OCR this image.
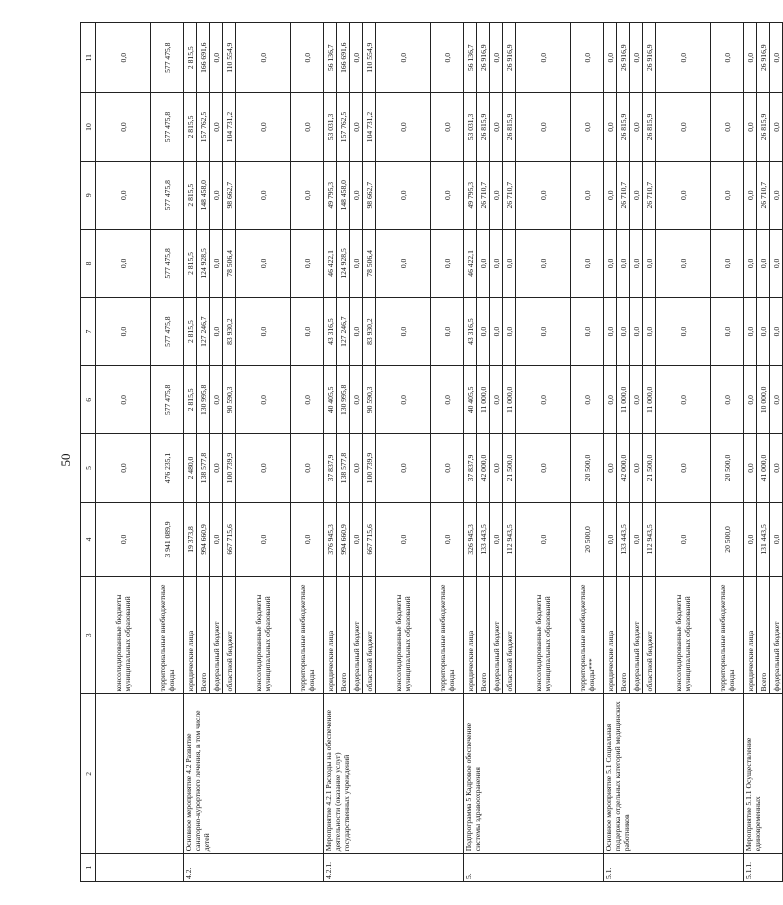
50
1	2	3	4	5	6	7	8	9	10	11
		консолидированные бюджеты муниципальных образований	0,0	0,0	0,0	0,0	0,0	0,0	0,0	0,0
		территориальные внебюджетные фонды	3 941 089,9	476 235,1	577 475,8	577 475,8	577 475,8	577 475,8	577 475,8	577 475,8
4.2.	Основное мероприятие 4.2 Развитие санаторно-курортного лечения, в том числе детей	юридические лица	19 373,8	2 480,0	2 815,5	2 815,5	2 815,5	2 815,5	2 815,5	2 815,5
		Всего	994 660,9	138 577,8	130 995,8	127 246,7	124 928,5	148 458,0	157 762,5	166 691,6
		федеральный бюджет	0,0	0,0	0,0	0,0	0,0	0,0	0,0	0,0
		областной бюджет	667 715,6	100 739,9	90 590,3	83 930,2	78 506,4	98 662,7	104 731,2	110 554,9
		консолидированные бюджеты муниципальных образований	0,0	0,0	0,0	0,0	0,0	0,0	0,0	0,0
		территориальные внебюджетные фонды	0,0	0,0	0,0	0,0	0,0	0,0	0,0	0,0
4.2.1.	Мероприятие 4.2.1 Расходы на обеспечение деятельности (оказание услуг) государственных учреждений	юридические лица	376 945,3	37 837,9	40 405,5	43 316,5	46 422,1	49 795,3	53 031,3	56 136,7
		Всего	994 660,9	138 577,8	130 995,8	127 246,7	124 928,5	148 458,0	157 762,5	166 691,6
		федеральный бюджет	0,0	0,0	0,0	0,0	0,0	0,0	0,0	0,0
		областной бюджет	667 715,6	100 739,9	90 590,3	83 930,2	78 506,4	98 662,7	104 731,2	110 554,9
		консолидированные бюджеты муниципальных образований	0,0	0,0	0,0	0,0	0,0	0,0	0,0	0,0
		территориальные внебюджетные фонды	0,0	0,0	0,0	0,0	0,0	0,0	0,0	0,0
5.	Подпрограмма 5 Кадровое обеспечение системы здравоохранения	юридические лица	326 945,3	37 837,9	40 405,5	43 316,5	46 422,1	49 795,3	53 031,3	56 136,7
		Всего	133 443,5	42 000,0	11 000,0	0,0	0,0	26 710,7	26 815,9	26 916,9
		федеральный бюджет	0,0	0,0	0,0	0,0	0,0	0,0	0,0	0,0
		областной бюджет	112 943,5	21 500,0	11 000,0	0,0	0,0	26 710,7	26 815,9	26 916,9
		консолидированные бюджеты муниципальных образований	0,0	0,0	0,0	0,0	0,0	0,0	0,0	0,0
		территориальные внебюджетные фонды***	20 500,0	20 500,0	0,0	0,0	0,0	0,0	0,0	0,0
5.1.	Основное мероприятие 5.1 Социальная поддержка отдельных категорий медицинских работников	юридические лица	0,0	0,0	0,0	0,0	0,0	0,0	0,0	0,0
		Всего	133 443,5	42 000,0	11 000,0	0,0	0,0	26 710,7	26 815,9	26 916,9
		федеральный бюджет	0,0	0,0	0,0	0,0	0,0	0,0	0,0	0,0
		областной бюджет	112 943,5	21 500,0	11 000,0	0,0	0,0	26 710,7	26 815,9	26 916,9
		консолидированные бюджеты муниципальных образований	0,0	0,0	0,0	0,0	0,0	0,0	0,0	0,0
		территориальные внебюджетные фонды	20 500,0	20 500,0	0,0	0,0	0,0	0,0	0,0	0,0
5.1.1.	Мероприятие 5.1.1 Осуществление единовременных	юридические лица	0,0	0,0	0,0	0,0	0,0	0,0	0,0	0,0
		Всего	131 443,5	41 000,0	10 000,0	0,0	0,0	26 710,7	26 815,9	26 916,9
		федеральный бюджет	0,0	0,0	0,0	0,0	0,0	0,0	0,0	0,0
